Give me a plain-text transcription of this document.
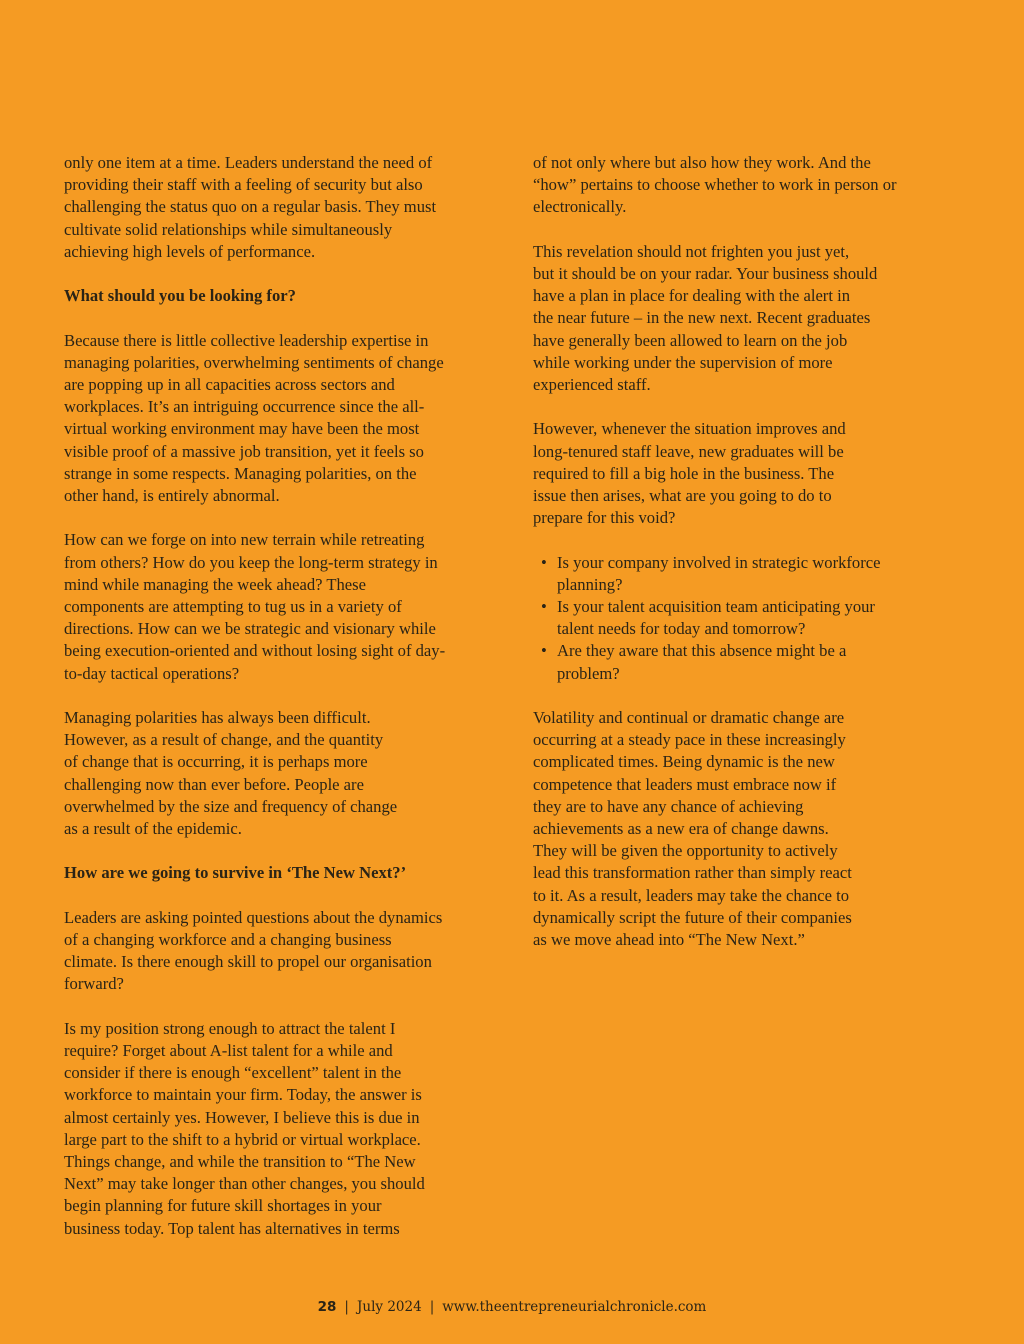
only one item at a time. Leaders understand the need of
providing their staff with a feeling of security but also
challenging the status quo on a regular basis. They must
cultivate solid relationships while simultaneously
achieving high levels of performance.

What should you be looking for?

Because there is little collective leadership expertise in
managing polarities, overwhelming sentiments of change
are popping up in all capacities across sectors and
workplaces. It’s an intriguing occurrence since the all-
virtual working environment may have been the most
visible proof of a massive job transition, yet it feels so
strange in some respects. Managing polarities, on the
other hand, is entirely abnormal.

How can we forge on into new terrain while retreating
from others? How do you keep the long-term strategy in
mind while managing the week ahead? These
components are attempting to tug us in a variety of
directions. How can we be strategic and visionary while
being execution-oriented and without losing sight of day-
to-day tactical operations?

Managing polarities has always been difficult.
However, as a result of change, and the quantity
of change that is occurring, it is perhaps more
challenging now than ever before. People are
overwhelmed by the size and frequency of change
as a result of the epidemic.

How are we going to survive in ‘The New Next?’

Leaders are asking pointed questions about the dynamics
of a changing workforce and a changing business
climate. Is there enough skill to propel our organisation
forward?

Is my position strong enough to attract the talent I
require? Forget about A-list talent for a while and
consider if there is enough “excellent” talent in the
workforce to maintain your firm. Today, the answer is
almost certainly yes. However, I believe this is due in
large part to the shift to a hybrid or virtual workplace.
Things change, and while the transition to “The New
Next” may take longer than other changes, you should
begin planning for future skill shortages in your
business today. Top talent has alternatives in terms

of not only where but also how they work. And the
“how” pertains to choose whether to work in person or
electronically.

This revelation should not frighten you just yet,
but it should be on your radar. Your business should
have a plan in place for dealing with the alert in
the near future – in the new next. Recent graduates
have generally been allowed to learn on the job
while working under the supervision of more
experienced staff.

However, whenever the situation improves and
long-tenured staff leave, new graduates will be
required to fill a big hole in the business. The
issue then arises, what are you going to do to
prepare for this void?

• Is your company involved in strategic workforce
planning?
• Is your talent acquisition team anticipating your
talent needs for today and tomorrow?
• Are they aware that this absence might be a
problem?

Volatility and continual or dramatic change are
occurring at a steady pace in these increasingly
complicated times. Being dynamic is the new
competence that leaders must embrace now if
they are to have any chance of achieving
achievements as a new era of change dawns.
They will be given the opportunity to actively
lead this transformation rather than simply react
to it. As a result, leaders may take the chance to
dynamically script the future of their companies
as we move ahead into “The New Next.”

28 | July 2024 | www.theentrepreneurialchronicle.com
